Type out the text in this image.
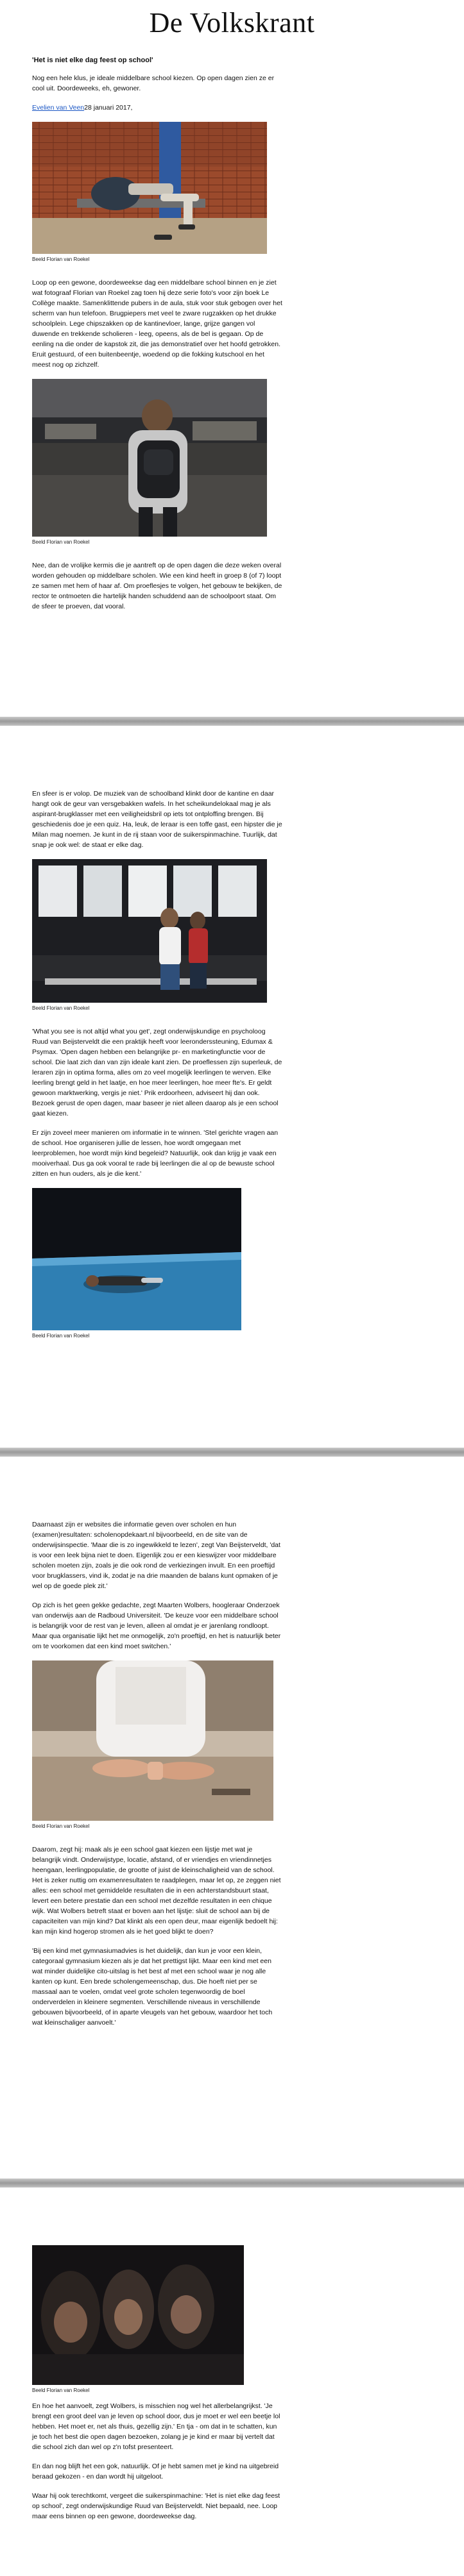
De Volkskrant
'Het is niet elke dag feest op school'

Nog een hele klus, je ideale middelbare school kiezen. Op open dagen zien ze er cool uit. Doordeweeks, eh, gewoner.

Evelien van Veen28 januari 2017,

Beeld Florian van Roekel

Loop op een gewone, doordeweekse dag een middelbare school binnen en je ziet wat fotograaf Florian van Roekel zag toen hij deze serie foto's voor zijn boek Le Collège maakte. Samenklittende pubers in de aula, stuk voor stuk gebogen over het scherm van hun telefoon. Brugpiepers met veel te zware rugzakken op het drukke schoolplein. Lege chipszakken op de kantinevloer, lange, grijze gangen vol duwende en trekkende scholieren - leeg, opeens, als de bel is gegaan. Op de eenling na die onder de kapstok zit, die jas demonstratief over het hoofd getrokken. Eruit gestuurd, of een buitenbeentje, woedend op die fokking kutschool en het meest nog op zichzelf.

Beeld Florian van Roekel

Nee, dan de vrolijke kermis die je aantreft op de open dagen die deze weken overal worden gehouden op middelbare scholen. Wie een kind heeft in groep 8 (of 7) loopt ze samen met hem of haar af. Om proeflesjes te volgen, het gebouw te bekijken, de rector te ontmoeten die hartelijk handen schuddend aan de schoolpoort staat. Om de sfeer te proeven, dat vooral.

En sfeer is er volop. De muziek van de schoolband klinkt door de kantine en daar hangt ook de geur van versgebakken wafels. In het scheikundelokaal mag je als aspirant-brugklasser met een veiligheidsbril op iets tot ontploffing brengen. Bij geschiedenis doe je een quiz. Ha, leuk, de leraar is een toffe gast, een hipster die je Milan mag noemen. Je kunt in de rij staan voor de suikerspinmachine. Tuurlijk, dat snap je ook wel: de staat er elke dag.

Beeld Florian van Roekel

'What you see is not altijd what you get', zegt onderwijskundige en psycholoog Ruud van Beijsterveldt die een praktijk heeft voor leeronderssteuning, Edumax & Psymax. 'Open dagen hebben een belangrijke pr- en marketingfunctie voor de school. Die laat zich dan van zijn ideale kant zien. De proeflessen zijn superleuk, de leraren zijn in optima forma, alles om zo veel mogelijk leerlingen te werven. Elke leerling brengt geld in het laatje, en hoe meer leerlingen, hoe meer fte's. Er geldt gewoon marktwerking, vergis je niet.' Prik erdoorheen, adviseert hij dan ook. Bezoek gerust de open dagen, maar baseer je niet alleen daarop als je een school gaat kiezen.

Er zijn zoveel meer manieren om informatie in te winnen. 'Stel gerichte vragen aan de school. Hoe organiseren jullie de lessen, hoe wordt omgegaan met leerproblemen, hoe wordt mijn kind begeleid? Natuurlijk, ook dan krijg je vaak een mooiverhaal. Dus ga ook vooral te rade bij leerlingen die al op de bewuste school zitten en hun ouders, als je die kent.'

Beeld Florian van Roekel

Daarnaast zijn er websites die informatie geven over scholen en hun (examen)resultaten: scholenopdekaart.nl bijvoorbeeld, en de site van de onderwijsinspectie. 'Maar die is zo ingewikkeld te lezen', zegt Van Beijsterveldt, 'dat is voor een leek bijna niet te doen. Eigenlijk zou er een kieswijzer voor middelbare scholen moeten zijn, zoals je die ook rond de verkiezingen invult. En een proeftijd voor brugklassers, vind ik, zodat je na drie maanden de balans kunt opmaken of je wel op de goede plek zit.'

Op zich is het geen gekke gedachte, zegt Maarten Wolbers, hoogleraar Onderzoek van onderwijs aan de Radboud Universiteit. 'De keuze voor een middelbare school is belangrijk voor de rest van je leven, alleen al omdat je er jarenlang rondloopt. Maar qua organisatie lijkt het me onmogelijk, zo'n proeftijd, en het is natuurlijk beter om te voorkomen dat een kind moet switchen.'

Beeld Florian van Roekel

Daarom, zegt hij: maak als je een school gaat kiezen een lijstje met wat je belangrijk vindt. Onderwijstype, locatie, afstand, of er vriendjes en vriendinnetjes heengaan, leerlingpopulatie, de grootte of juist de kleinschaligheid van de school. Het is zeker nuttig om examenresultaten te raadplegen, maar let op, ze zeggen niet alles: een school met gemiddelde resultaten die in een achterstandsbuurt staat, levert een betere prestatie dan een school met dezelfde resultaten in een chique wijk. Wat Wolbers betreft staat er boven aan het lijstje: sluit de school aan bij de capaciteiten van mijn kind? Dat klinkt als een open deur, maar eigenlijk bedoelt hij: kan mijn kind hogerop stromen als ie het goed blijkt te doen?

'Bij een kind met gymnasiumadvies is het duidelijk, dan kun je voor een klein, categoraal gymnasium kiezen als je dat het prettigst lijkt. Maar een kind met een wat minder duidelijke cito-uitslag is het best af met een school waar je nog alle kanten op kunt. Een brede scholengemeenschap, dus. Die hoeft niet per se massaal aan te voelen, omdat veel grote scholen tegenwoordig de boel onderverdelen in kleinere segmenten. Verschillende niveaus in verschillende gebouwen bijvoorbeeld, of in aparte vleugels van het gebouw, waardoor het toch wat kleinschaliger aanvoelt.'

Beeld Florian van Roekel

En hoe het aanvoelt, zegt Wolbers, is misschien nog wel het allerbelangrijkst. 'Je brengt een groot deel van je leven op school door, dus je moet er wel een beetje lol hebben. Het moet er, net als thuis, gezellig zijn.' En tja - om dat in te schatten, kun je toch het best die open dagen bezoeken, zolang je je kind er maar bij vertelt dat die school zich dan wel op z'n tofst presenteert.

En dan nog blijft het een gok, natuurlijk. Of je hebt samen met je kind na uitgebreid beraad gekozen - en dan wordt hij uitgeloot.

Waar hij ook terechtkomt, vergeet die suikerspinmachine: 'Het is niet elke dag feest op school', zegt onderwijskundige Ruud van Beijsterveldt. Niet bepaald, nee. Loop maar eens binnen op een gewone, doordeweekse dag.
